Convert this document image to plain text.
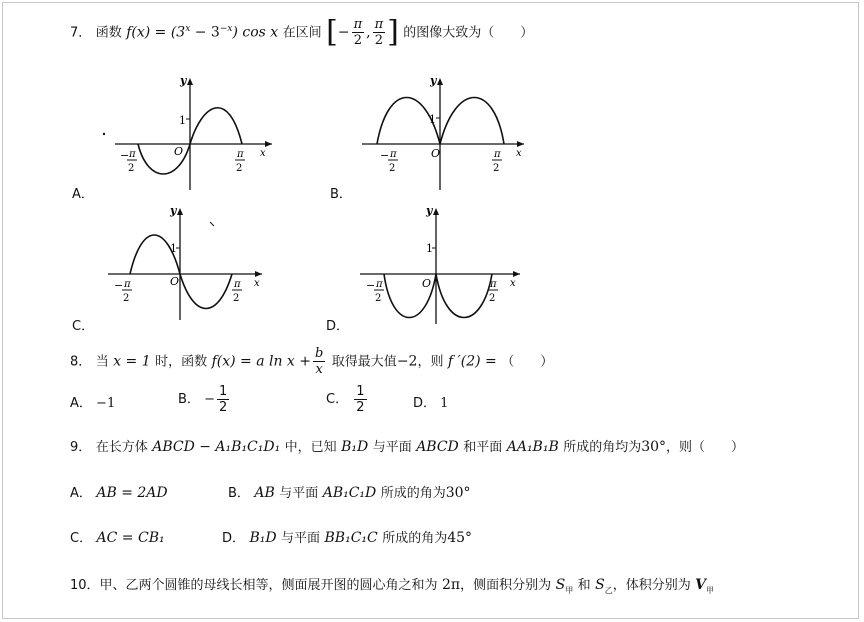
7． 函数 $f(x) = (3^x - 3^{-x})$ cos x 在区间 [− $\frac{\pi}{2}$ , $\frac{\pi}{2}$ ] 的图像大致为（　　）
y
x
O
1
− π
2
π
2
A．
y
x
O
1
− π
2
π
2
B．
y
x
O
1
− π
2
π
2
C．
y
x
O
1
− π
2
π
2
D．
8． 当 x = 1 时，函数 f(x) = a $\ln x + \frac{b}{x}$ 取得最大值−2，则 f ′(2) = （　　）
A． −1	B． − $\frac{1}{2}$	C． $\frac{1}{2}$	D． 1
9． 在长方体 ABCD − A₁B₁C₁D₁ 中，已知 B₁D 与平面 ABCD 和平面 AA₁B₁B 所成的角均为30°，则（　　）
A． AB = 2AD	B． AB 与平面 AB₁C₁D 所成的角为30°
C． AC = CB₁	D． B₁D 与平面 BB₁C₁C 所成的角为45°
10．甲、乙两个圆锥的母线长相等，侧面展开图的圆心角之和为 2π，侧面积分别为 $S_甲$ 和 $S_乙$，体积分别为 $V_甲$
